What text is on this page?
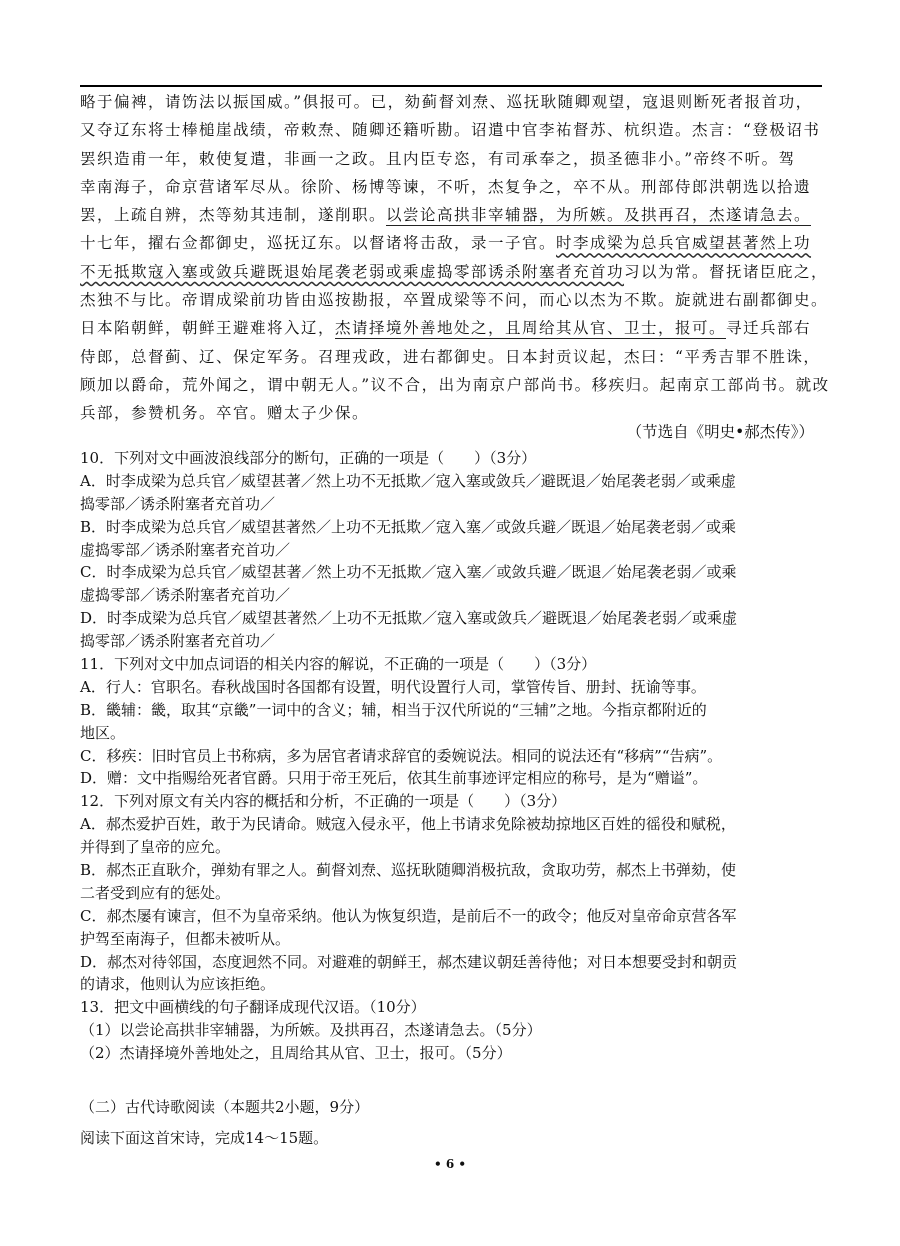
略于偏裨，请饬法以振国威。”俱报可。已，劾蓟督刘焘、巡抚耿随卿观望，寇退则断死者报首功，
又夺辽东将士棒槌崖战绩，帝敕焘、随卿还籍听勘。诏遣中官李祐督苏、杭织造。杰言：“登极诏书
罢织造甫一年，敕使复遣，非画一之政。且内臣专恣，有司承奉之，损圣德非小。”帝终不听。驾
幸南海子，命京营诸军尽从。徐阶、杨博等谏，不听，杰复争之，卒不从。刑部侍郎洪朝选以拾遗
罢，上疏自辨，杰等劾其违制，遂削职。以尝论高拱非宰辅器，为所嫉。及拱再召，杰遂请急去。
十七年，擢右佥都御史，巡抚辽东。以督诸将击敌，录一子官。时李成梁为总兵官威望甚著然上功
不无抵欺寇入塞或敛兵避既退始尾袭老弱或乘虚捣零部诱杀附塞者充首功习以为常。督抚诸臣庇之，
杰独不与比。帝谓成梁前功皆由巡按勘报，卒置成梁等不问，而心以杰为不欺。旋就进右副都御史。
日本陷朝鲜，朝鲜王避难将入辽，杰请择境外善地处之，且周给其从官、卫士，报可。寻迁兵部右
侍郎，总督蓟、辽、保定军务。召理戎政，进右都御史。日本封贡议起，杰曰：“平秀吉罪不胜诛，
顾加以爵命，荒外闻之，谓中朝无人。”议不合，出为南京户部尚书。移疾归。起南京工部尚书。就改
兵部，参赞机务。卒官。赠太子少保。
（节选自《明史•郝杰传》）
10．下列对文中画波浪线部分的断句，正确的一项是（　　）（3分）
A．时李成梁为总兵官／威望甚著／然上功不无抵欺／寇入塞或敛兵／避既退／始尾袭老弱／或乘虚
捣零部／诱杀附塞者充首功／
B．时李成梁为总兵官／威望甚著然／上功不无抵欺／寇入塞／或敛兵避／既退／始尾袭老弱／或乘
虚捣零部／诱杀附塞者充首功／
C．时李成梁为总兵官／威望甚著／然上功不无抵欺／寇入塞／或敛兵避／既退／始尾袭老弱／或乘
虚捣零部／诱杀附塞者充首功／
D．时李成梁为总兵官／威望甚著然／上功不无抵欺／寇入塞或敛兵／避既退／始尾袭老弱／或乘虚
捣零部／诱杀附塞者充首功／
11．下列对文中加点词语的相关内容的解说，不正确的一项是（　　）（3分）
A．行人：官职名。春秋战国时各国都有设置，明代设置行人司，掌管传旨、册封、抚谕等事。
B．畿辅：畿，取其“京畿”一词中的含义；辅，相当于汉代所说的“三辅”之地。今指京都附近的
地区。
C．移疾：旧时官员上书称病，多为居官者请求辞官的委婉说法。相同的说法还有“移病”“告病”。
D．赠：文中指赐给死者官爵。只用于帝王死后，依其生前事迹评定相应的称号，是为“赠谥”。
12．下列对原文有关内容的概括和分析，不正确的一项是（　　）（3分）
A．郝杰爱护百姓，敢于为民请命。贼寇入侵永平，他上书请求免除被劫掠地区百姓的徭役和赋税，
并得到了皇帝的应允。
B．郝杰正直耿介，弹劾有罪之人。蓟督刘焘、巡抚耿随卿消极抗敌，贪取功劳，郝杰上书弹劾，使
二者受到应有的惩处。
C．郝杰屡有谏言，但不为皇帝采纳。他认为恢复织造，是前后不一的政令；他反对皇帝命京营各军
护驾至南海子，但都未被听从。
D．郝杰对待邻国，态度迥然不同。对避难的朝鲜王，郝杰建议朝廷善待他；对日本想要受封和朝贡
的请求，他则认为应该拒绝。
13．把文中画横线的句子翻译成现代汉语。（10分）
（1）以尝论高拱非宰辅器，为所嫉。及拱再召，杰遂请急去。（5分）
（2）杰请择境外善地处之，且周给其从官、卫士，报可。（5分）
（二）古代诗歌阅读（本题共2小题，9分）
阅读下面这首宋诗，完成14～15题。
• 6 •
